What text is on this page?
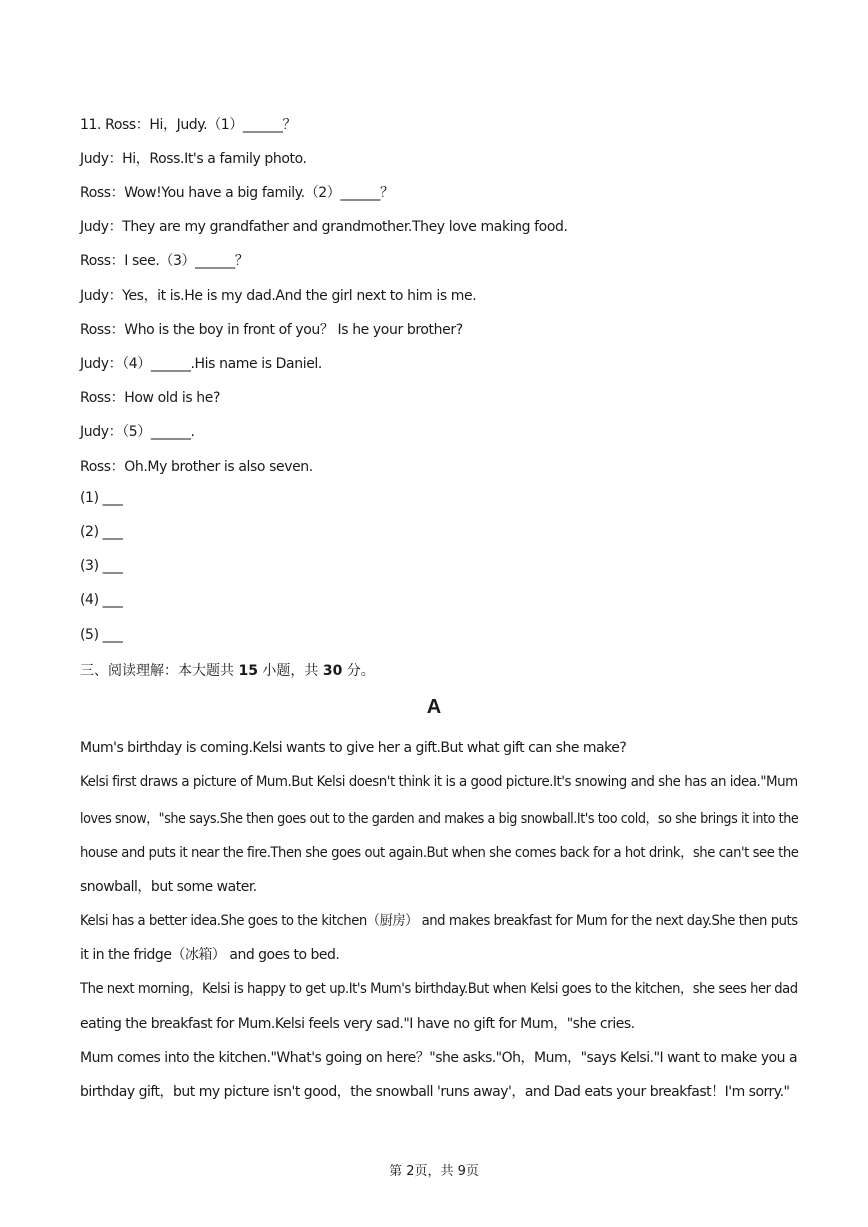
11. Ross：Hi，Judy.（1）______？
Judy：Hi，Ross.It's a family photo.
Ross：Wow!You have a big family.（2）______？
Judy：They are my grandfather and grandmother.They love making food.
Ross：I see.（3）______？
Judy：Yes，it is.He is my dad.And the girl next to him is me.
Ross：Who is the boy in front of you？ Is he your brother?
Judy：（4）______.His name is Daniel.
Ross：How old is he?
Judy：（5）______.
Ross：Oh.My brother is also seven.
(1) ___
(2) ___
(3) ___
(4) ___
(5) ___
三、阅读理解：本大题共 15 小题，共 30 分。
A
Mum's birthday is coming.Kelsi wants to give her a gift.But what gift can she make?
Kelsi first draws a picture of Mum.But Kelsi doesn't think it is a good picture.It's snowing and she has an idea."Mum
loves snow，"she says.She then goes out to the garden and makes a big snowball.It's too cold，so she brings it into the
house and puts it near the fire.Then she goes out again.But when she comes back for a hot drink，she can't see the
snowball，but some water.
Kelsi has a better idea.She goes to the kitchen（厨房） and makes breakfast for Mum for the next day.She then puts
it in the fridge（冰箱） and goes to bed.
The next morning，Kelsi is happy to get up.It's Mum's birthday.But when Kelsi goes to the kitchen，she sees her dad
eating the breakfast for Mum.Kelsi feels very sad."I have no gift for Mum，"she cries.
Mum comes into the kitchen."What's going on here？"she asks."Oh，Mum，"says Kelsi."I want to make you a
birthday gift，but my picture isn't good，the snowball 'runs away'，and Dad eats your breakfast！I'm sorry."
第 2页，共 9页
